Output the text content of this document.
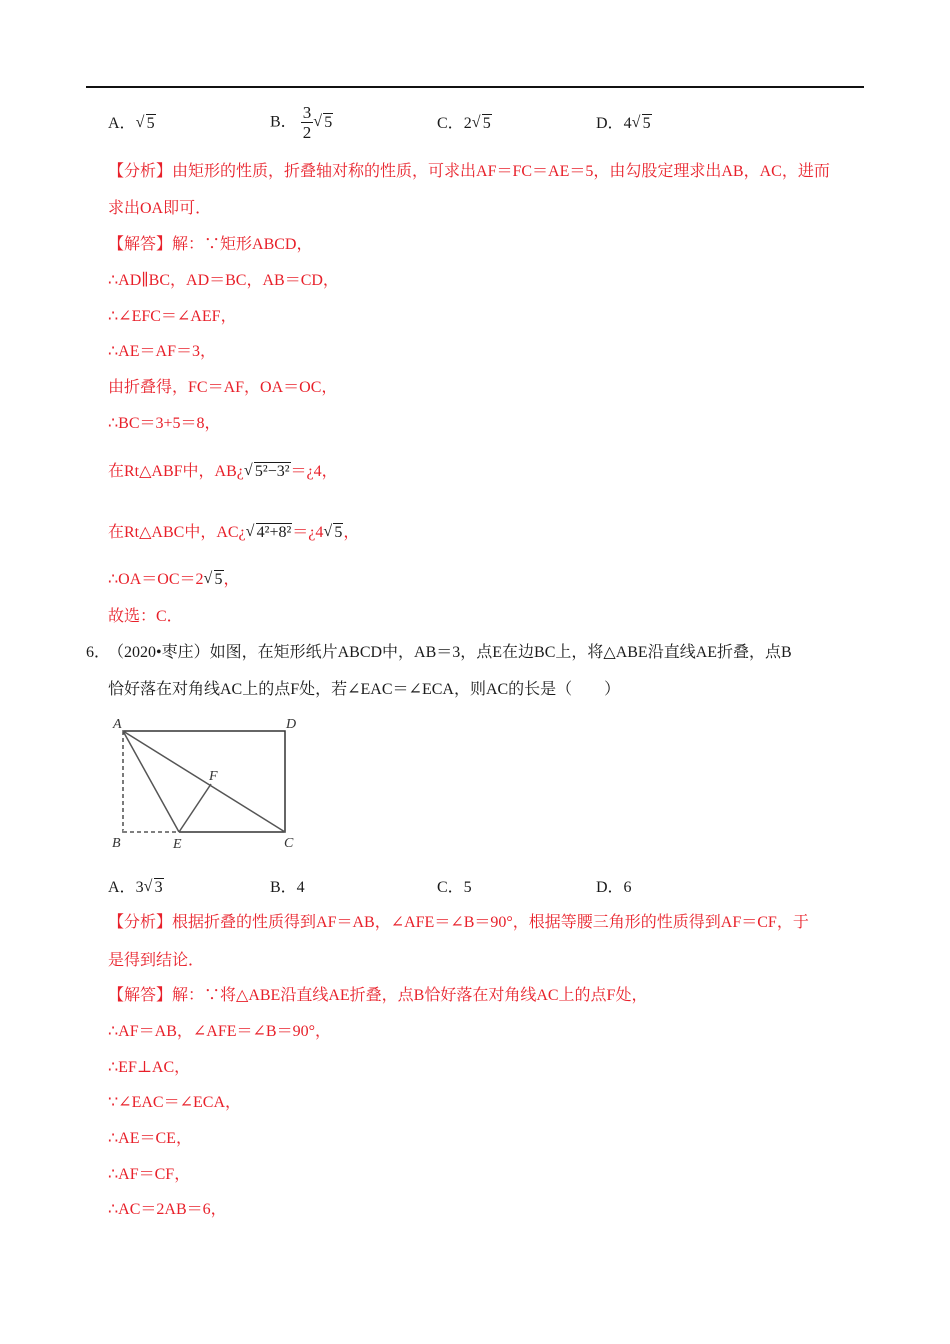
A． √ 5	B． $\frac{3}{2}$ √ 5	C．2 √ 5	D．4 √ 5
【分析】由矩形的性质，折叠轴对称的性质，可求出AF＝FC＝AE＝5，由勾股定理求出AB，AC，进而
求出OA即可．
【解答】解：∵矩形ABCD，
∴AD∥BC，AD＝BC，AB＝CD，
∴∠EFC＝∠AEF，
∴AE＝AF＝3，
由折叠得，FC＝AF，OA＝OC，
∴BC＝3+5＝8，
在Rt△ABF中，AB¿ √ 5²−3²＝¿4，
在Rt△ABC中，AC¿ √ 4²+8²＝¿4 √ 5，
∴OA＝OC＝2 √ 5，
故选：C．
6．
（2020•枣庄）如图，在矩形纸片ABCD中，AB＝3，点E在边BC上，将△ABE沿直线AE折叠，点B
恰好落在对角线AC上的点F处，若∠EAC＝∠ECA，则AC的长是（　　）
A	D
F
B	E	C
A．3 √ 3	B．4	C．5	D．6
【分析】根据折叠的性质得到AF＝AB，∠AFE＝∠B＝90°，根据等腰三角形的性质得到AF＝CF，于
是得到结论．
【解答】解：∵将△ABE沿直线AE折叠，点B恰好落在对角线AC上的点F处，
∴AF＝AB，∠AFE＝∠B＝90°，
∴EF⊥AC，
∵∠EAC＝∠ECA，
∴AE＝CE，
∴AF＝CF，
∴AC＝2AB＝6，
